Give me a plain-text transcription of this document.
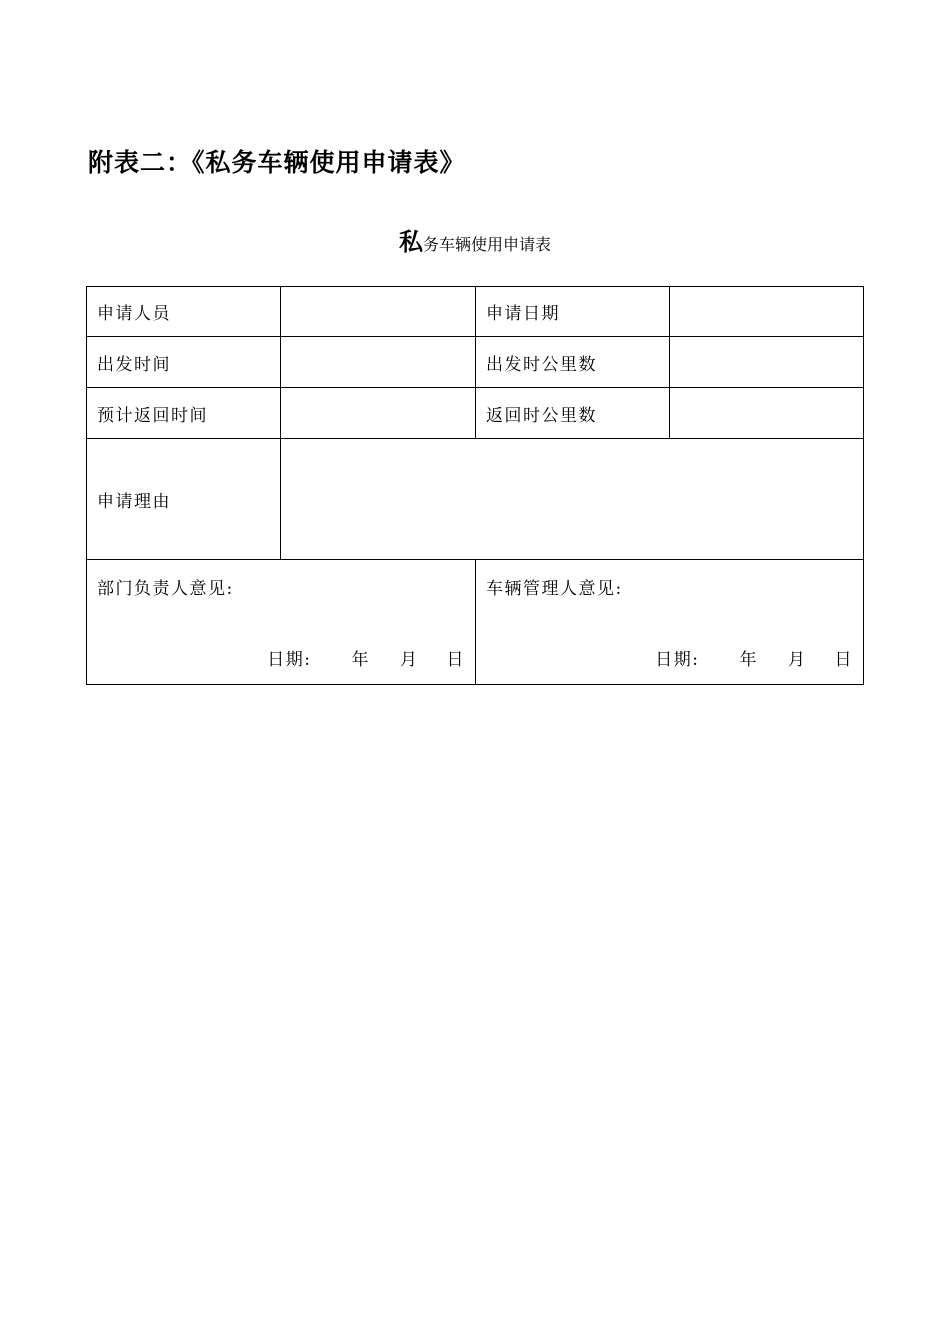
附表二：《私务车辆使用申请表》
私务车辆使用申请表
申请人员	申请日期
出发时间	出发时公里数
预计返回时间	返回时公里数
申请理由
部门负责人意见:
日期: 年 月 日
车辆管理人意见:
日期: 年 月 日
